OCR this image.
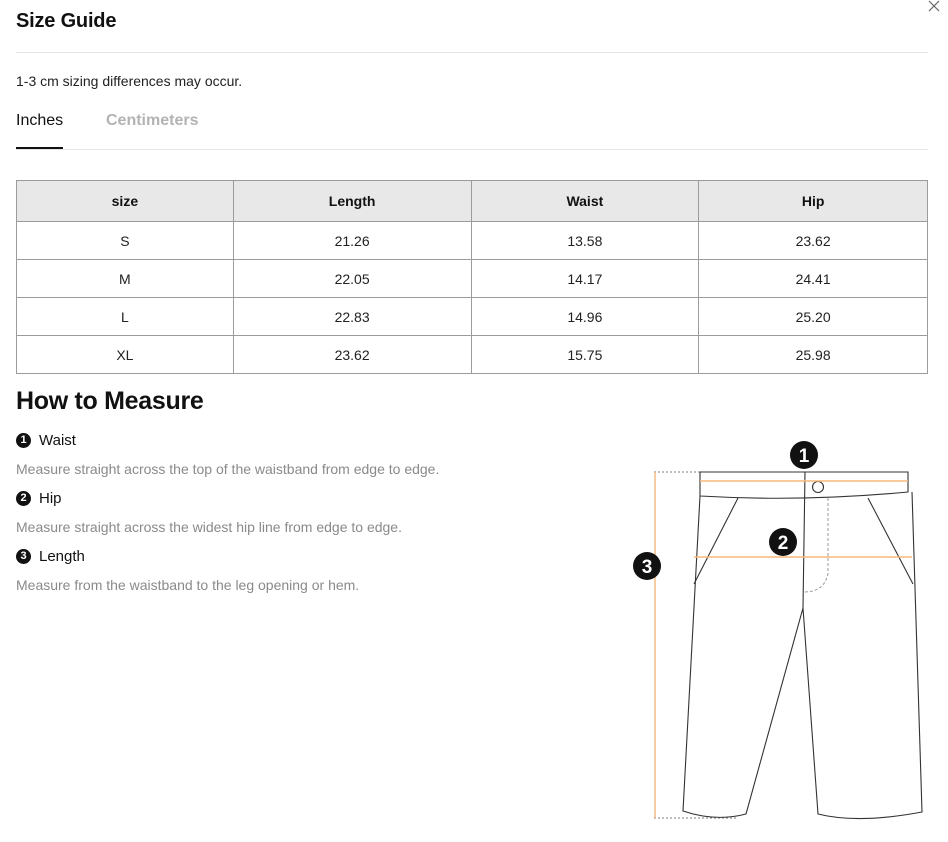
Size Guide
1-3 cm sizing differences may occur.
Inches	Centimeters
size	Length	Waist	Hip
S	21.26	13.58	23.62
M	22.05	14.17	24.41
L	22.83	14.96	25.20
XL	23.62	15.75	25.98
How to Measure
1 Waist
Measure straight across the top of the waistband from edge to edge.
2 Hip
Measure straight across the widest hip line from edge to edge.
3 Length
Measure from the waistband to the leg opening or hem.
1
2
3
